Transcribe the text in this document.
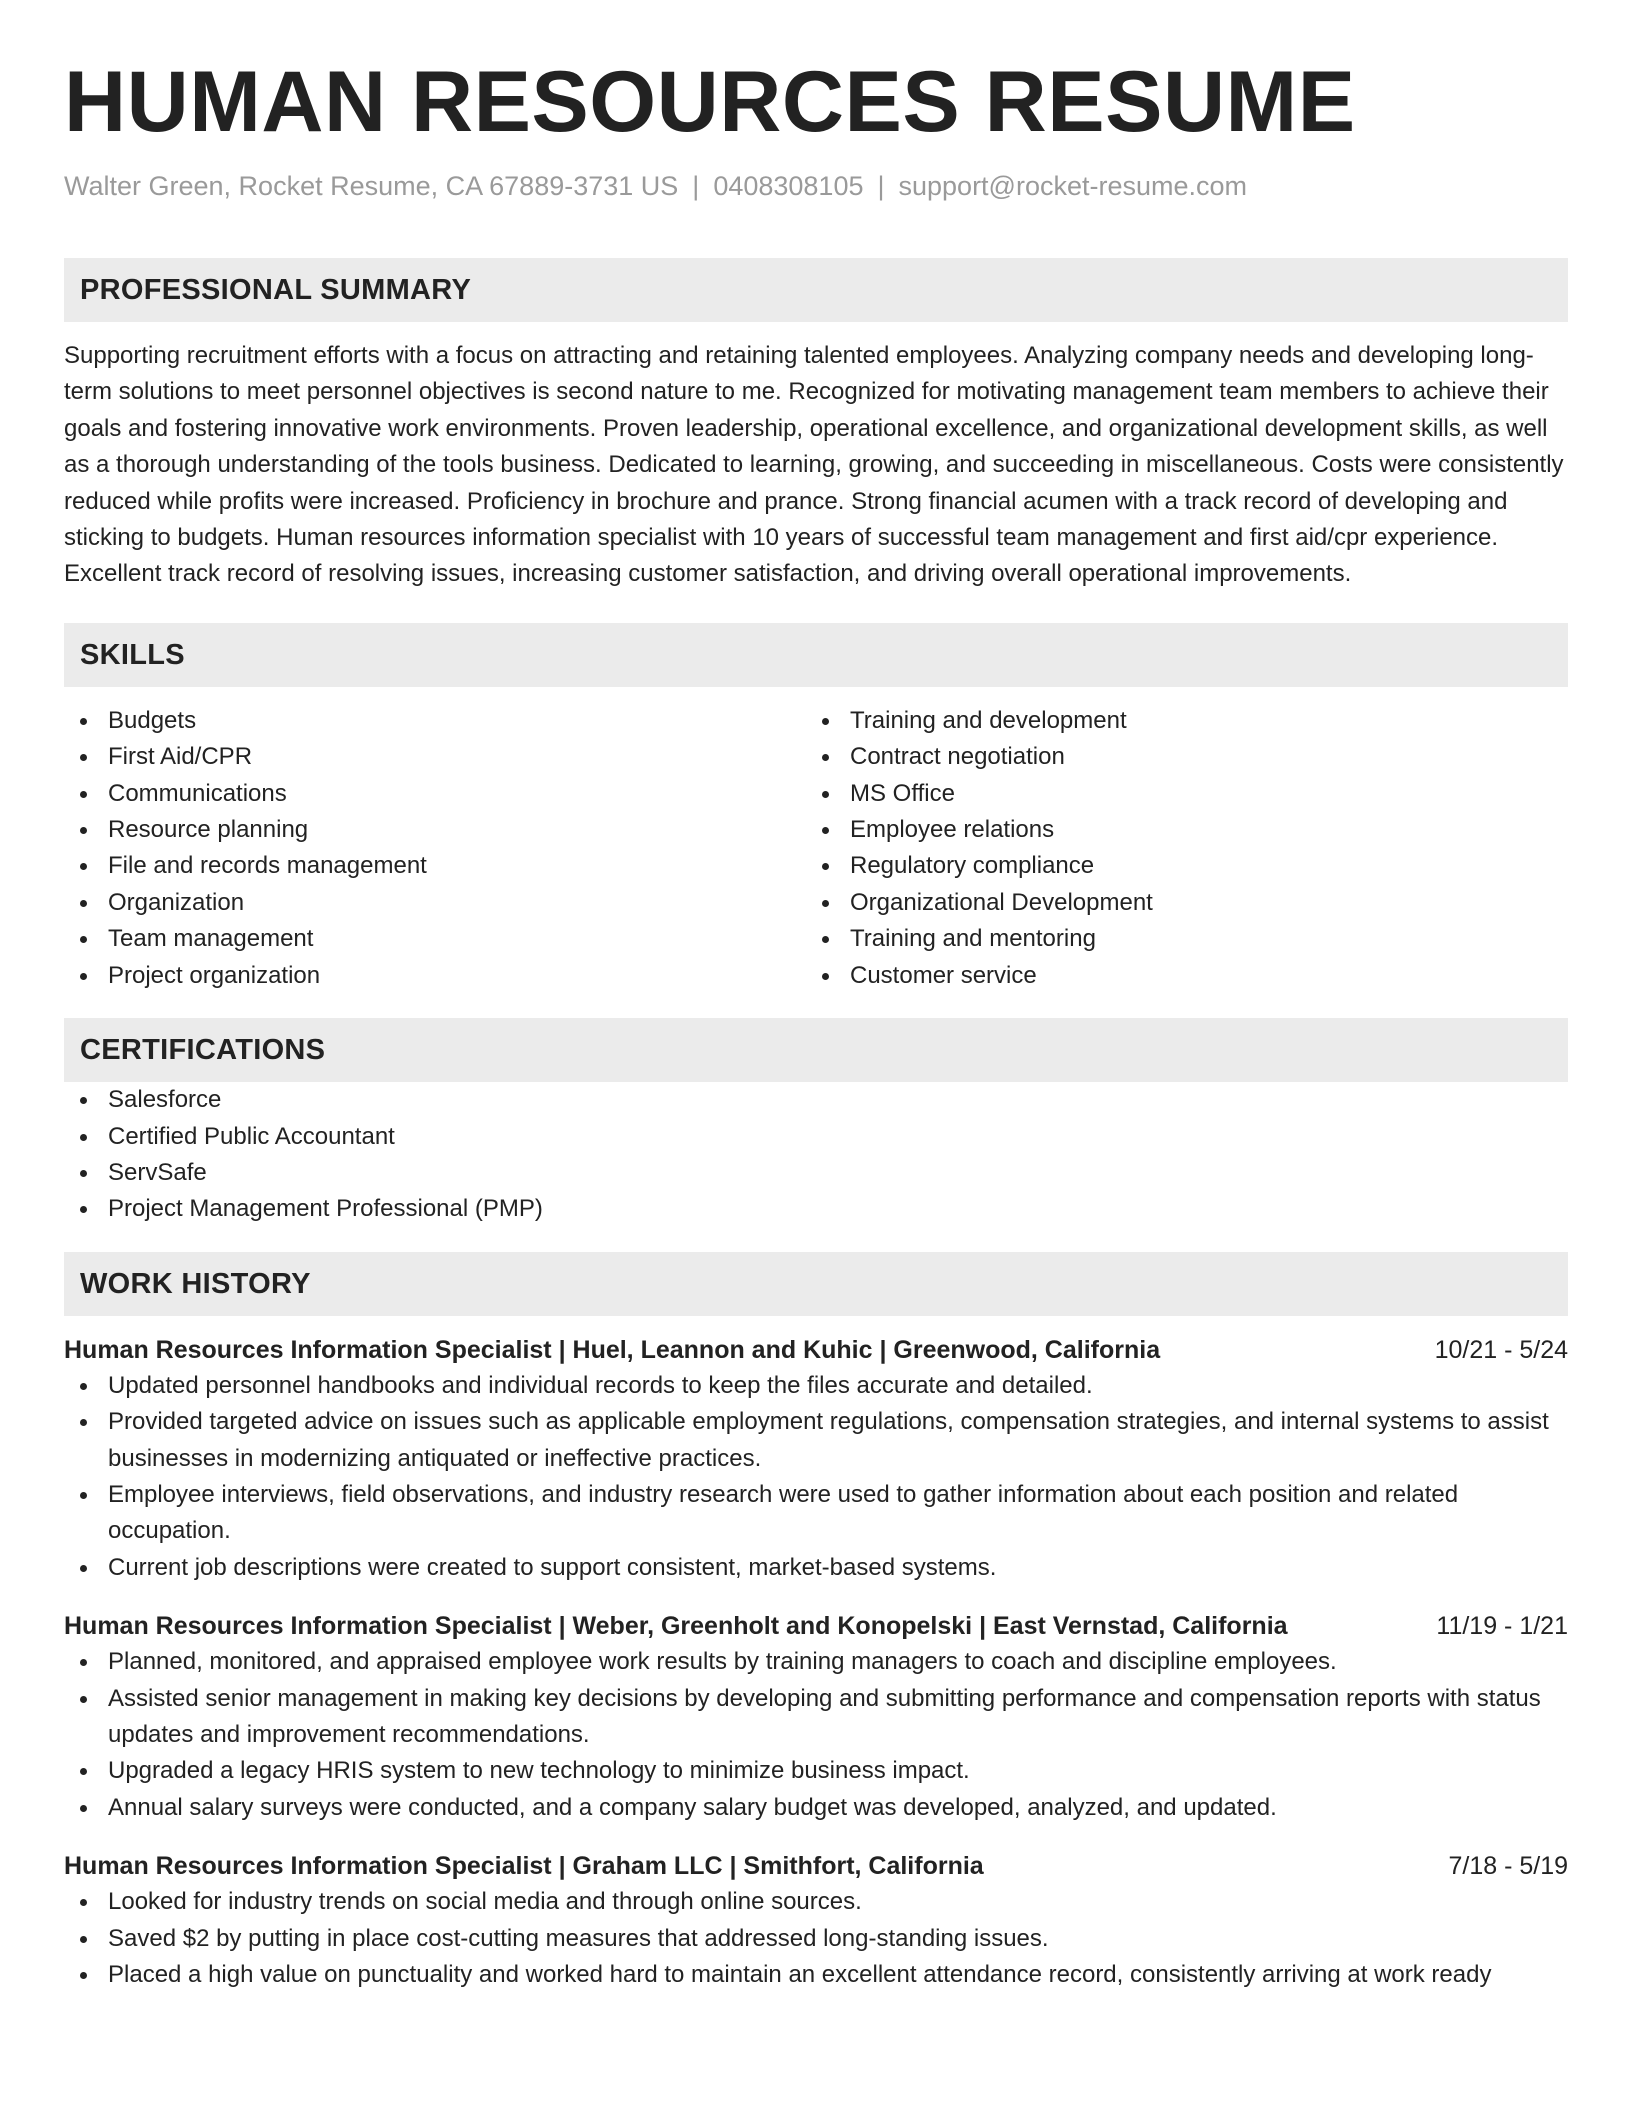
HUMAN RESOURCES RESUME
Walter Green, Rocket Resume, CA 67889-3731 US | 0408308105 | support@rocket-resume.com
PROFESSIONAL SUMMARY

Supporting recruitment efforts with a focus on attracting and retaining talented employees. Analyzing company needs and developing long-term solutions to meet personnel objectives is second nature to me. Recognized for motivating management team members to achieve their goals and fostering innovative work environments. Proven leadership, operational excellence, and organizational development skills, as well as a thorough understanding of the tools business. Dedicated to learning, growing, and succeeding in miscellaneous. Costs were consistently reduced while profits were increased. Proficiency in brochure and prance. Strong financial acumen with a track record of developing and sticking to budgets. Human resources information specialist with 10 years of successful team management and first aid/cpr experience. Excellent track record of resolving issues, increasing customer satisfaction, and driving overall operational improvements.

SKILLS
Budgets
First Aid/CPR
Communications
Resource planning
File and records management
Organization
Team management
Project organization
Training and development
Contract negotiation
MS Office
Employee relations
Regulatory compliance
Organizational Development
Training and mentoring
Customer service
CERTIFICATIONS
Salesforce
Certified Public Accountant
ServSafe
Project Management Professional (PMP)
WORK HISTORY
Human Resources Information Specialist | Huel, Leannon and Kuhic | Greenwood, California	10/21 - 5/24
Updated personnel handbooks and individual records to keep the files accurate and detailed.
Provided targeted advice on issues such as applicable employment regulations, compensation strategies, and internal systems to assist businesses in modernizing antiquated or ineffective practices.
Employee interviews, field observations, and industry research were used to gather information about each position and related occupation.
Current job descriptions were created to support consistent, market-based systems.
Human Resources Information Specialist | Weber, Greenholt and Konopelski | East Vernstad, California	11/19 - 1/21
Planned, monitored, and appraised employee work results by training managers to coach and discipline employees.
Assisted senior management in making key decisions by developing and submitting performance and compensation reports with status updates and improvement recommendations.
Upgraded a legacy HRIS system to new technology to minimize business impact.
Annual salary surveys were conducted, and a company salary budget was developed, analyzed, and updated.
Human Resources Information Specialist | Graham LLC | Smithfort, California	7/18 - 5/19
Looked for industry trends on social media and through online sources.
Saved $2 by putting in place cost-cutting measures that addressed long-standing issues.
Placed a high value on punctuality and worked hard to maintain an excellent attendance record, consistently arriving at work ready
